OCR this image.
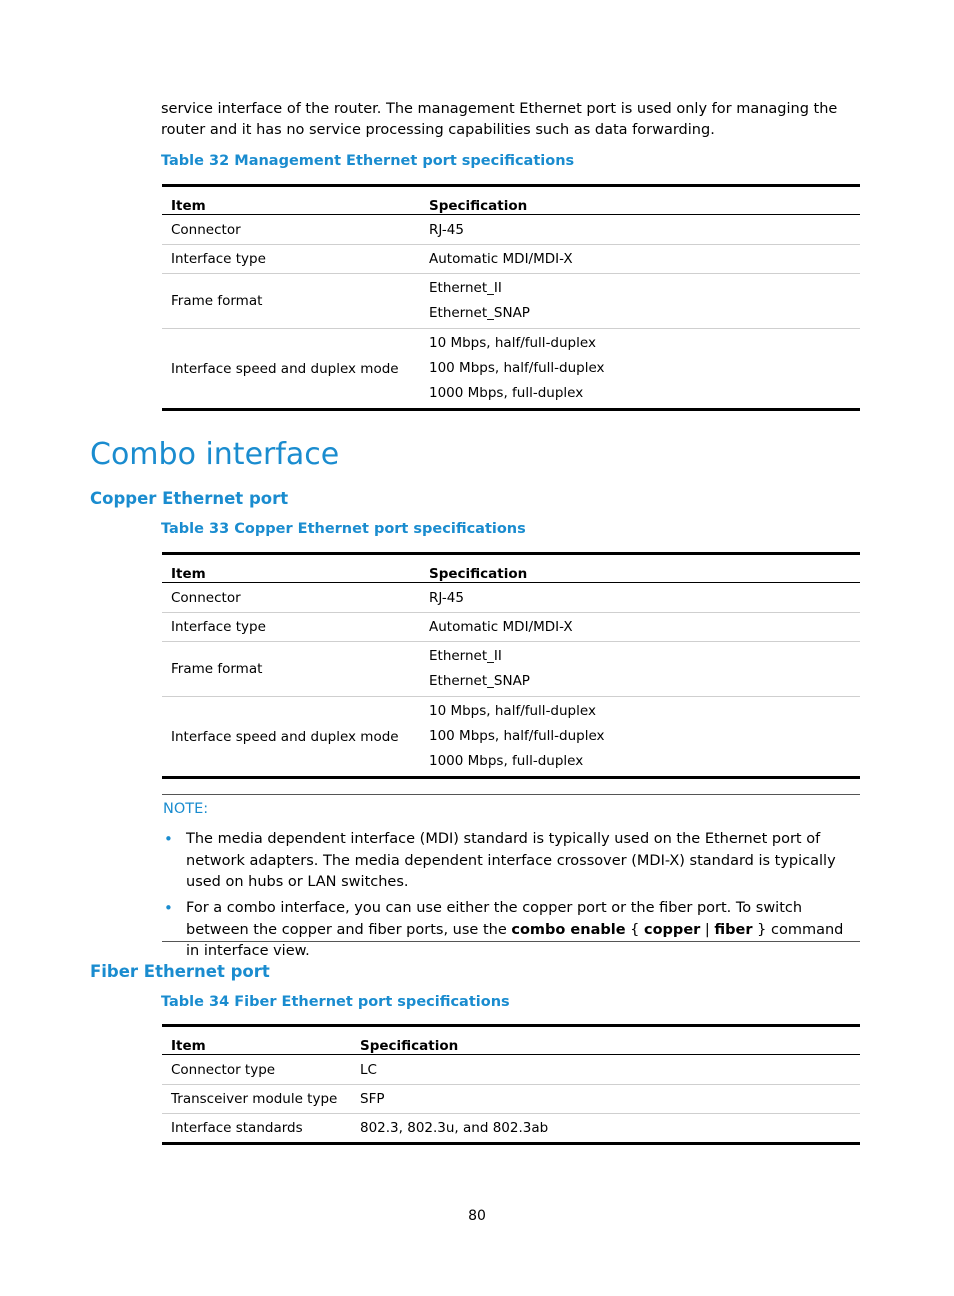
service interface of the router. The management Ethernet port is used only for managing the router and it has no service processing capabilities such as data forwarding.
Table 32 Management Ethernet port specifications
Item	Specification
Connector	RJ-45
Interface type	Automatic MDI/MDI-X
Frame format	Ethernet_II
Ethernet_SNAP

Interface speed and duplex mode	10 Mbps, half/full-duplex
100 Mbps, half/full-duplex
1000 Mbps, full-duplex
Combo interface
Copper Ethernet port
Table 33 Copper Ethernet port specifications
Item	Specification
Connector	RJ-45
Interface type	Automatic MDI/MDI-X
Frame format	Ethernet_II
Ethernet_SNAP

Interface speed and duplex mode	10 Mbps, half/full-duplex
100 Mbps, half/full-duplex
1000 Mbps, full-duplex
NOTE:
• The media dependent interface (MDI) standard is typically used on the Ethernet port of network adapters. The media dependent interface crossover (MDI-X) standard is typically used on hubs or LAN switches.
• For a combo interface, you can use either the copper port or the fiber port. To switch between the copper and fiber ports, use the combo enable { copper | fiber } command in interface view.
Fiber Ethernet port
Table 34 Fiber Ethernet port specifications
Item	Specification
Connector type	LC
Transceiver module type	SFP
Interface standards	802.3, 802.3u, and 802.3ab
80
